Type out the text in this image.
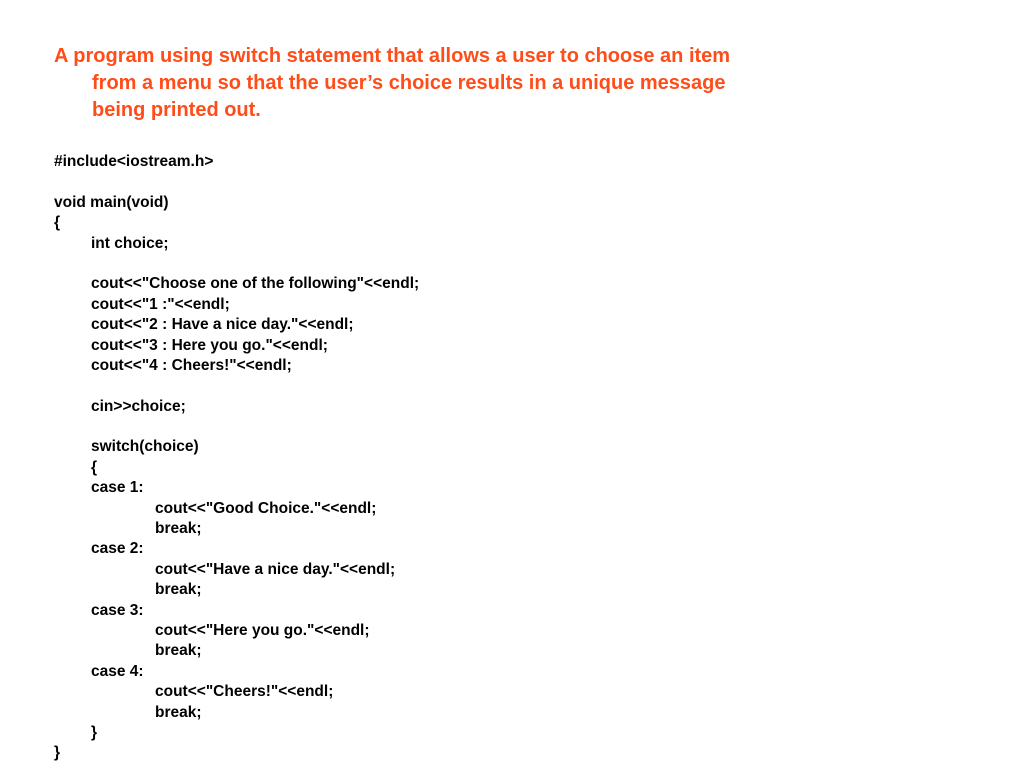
A program using switch statement that allows a user to choose an item
from a menu so that the user’s choice results in a unique message
being printed out.
#include<iostream.h>
void main(void)
{
int choice;
cout<<"Choose one of the following"<<endl;
cout<<"1 :"<<endl;
cout<<"2 : Have a nice day."<<endl;
cout<<"3 : Here you go."<<endl;
cout<<"4 : Cheers!"<<endl;
cin>>choice;
switch(choice)
{
case 1:
cout<<"Good Choice."<<endl;
break;
case 2:
cout<<"Have a nice day."<<endl;
break;
case 3:
cout<<"Here you go."<<endl;
break;
case 4:
cout<<"Cheers!"<<endl;
break;
}
}
